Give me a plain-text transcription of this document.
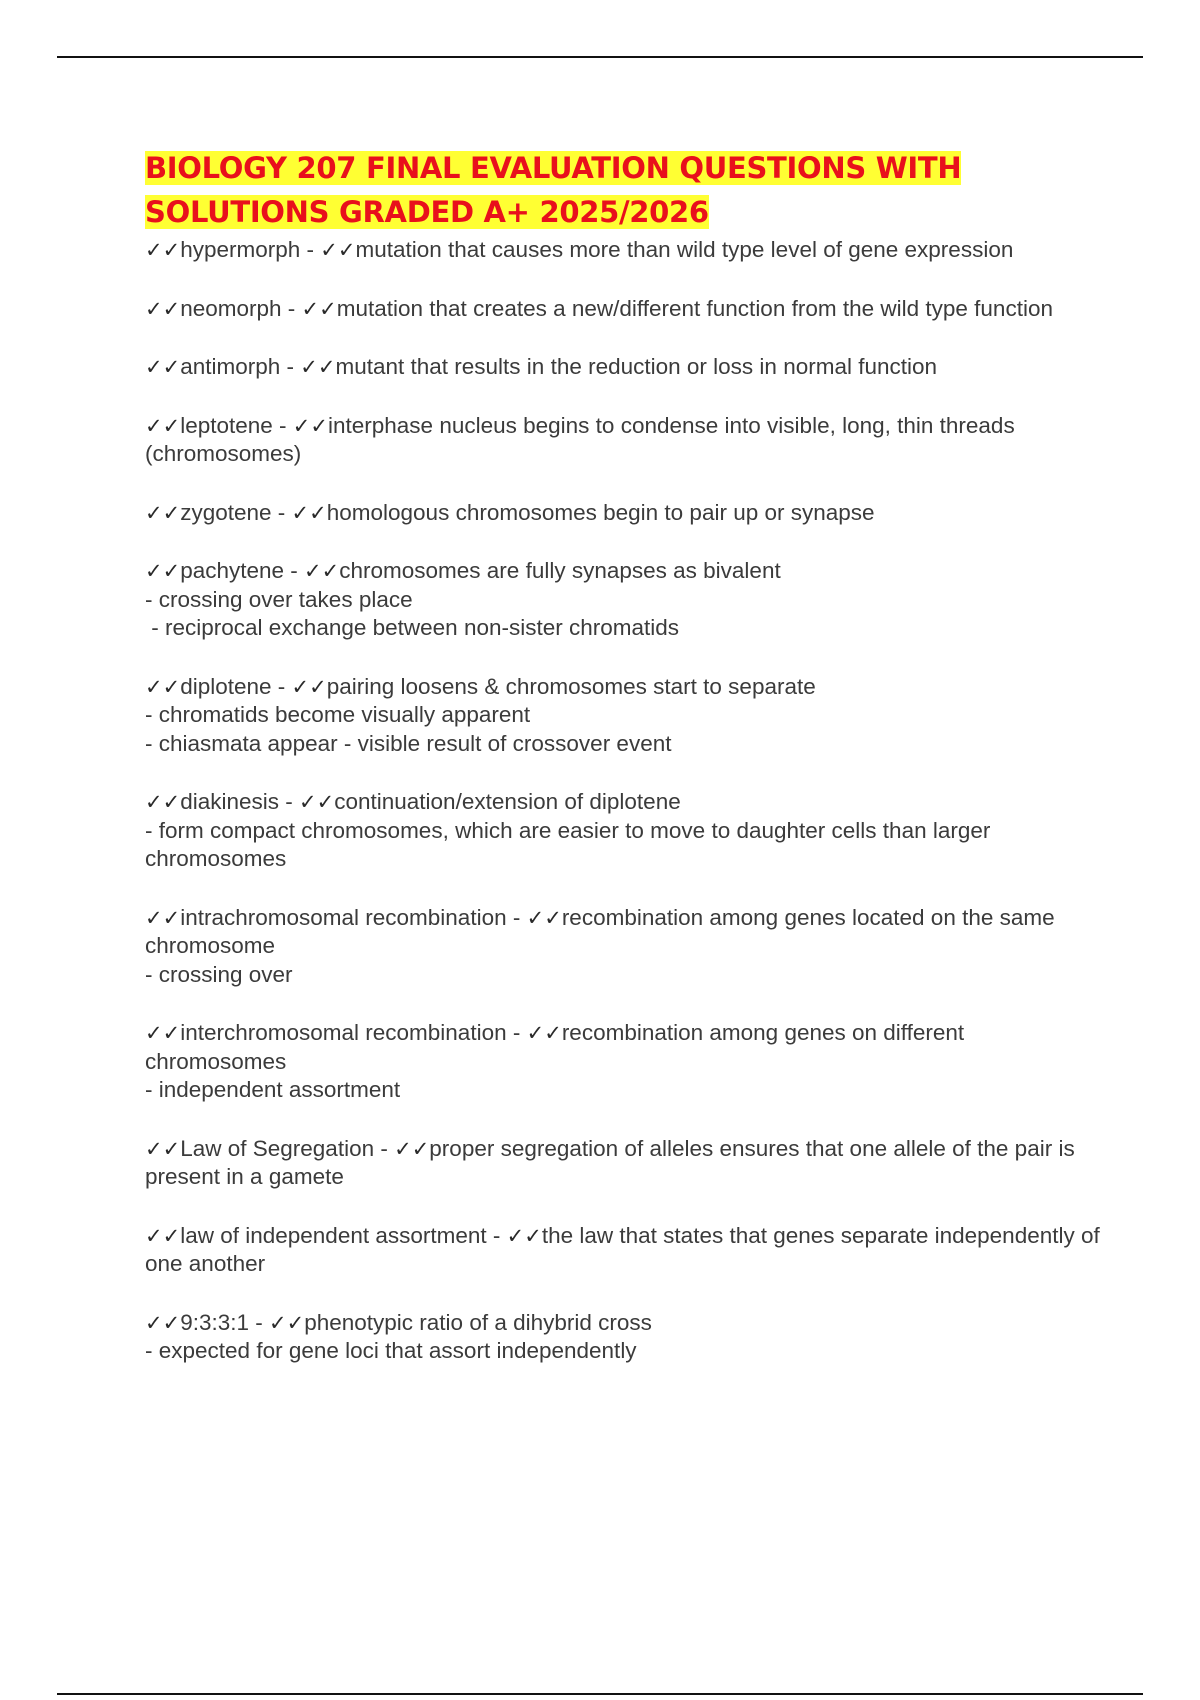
BIOLOGY 207 FINAL EVALUATION QUESTIONS WITH SOLUTIONS GRADED A+ 2025/2026
✓✓hypermorph - ✓✓mutation that causes more than wild type level of gene expression
✓✓neomorph - ✓✓mutation that creates a new/different function from the wild type function
✓✓antimorph - ✓✓mutant that results in the reduction or loss in normal function
✓✓leptotene - ✓✓interphase nucleus begins to condense into visible, long, thin threads (chromosomes)
✓✓zygotene - ✓✓homologous chromosomes begin to pair up or synapse
✓✓pachytene - ✓✓chromosomes are fully synapses as bivalent
- crossing over takes place
- reciprocal exchange between non-sister chromatids
✓✓diplotene - ✓✓pairing loosens & chromosomes start to separate
- chromatids become visually apparent
- chiasmata appear - visible result of crossover event
✓✓diakinesis - ✓✓continuation/extension of diplotene
- form compact chromosomes, which are easier to move to daughter cells than larger chromosomes
✓✓intrachromosomal recombination - ✓✓recombination among genes located on the same chromosome
- crossing over
✓✓interchromosomal recombination - ✓✓recombination among genes on different chromosomes
- independent assortment
✓✓Law of Segregation - ✓✓proper segregation of alleles ensures that one allele of the pair is present in a gamete
✓✓law of independent assortment - ✓✓the law that states that genes separate independently of one another
✓✓9:3:3:1 - ✓✓phenotypic ratio of a dihybrid cross
- expected for gene loci that assort independently
